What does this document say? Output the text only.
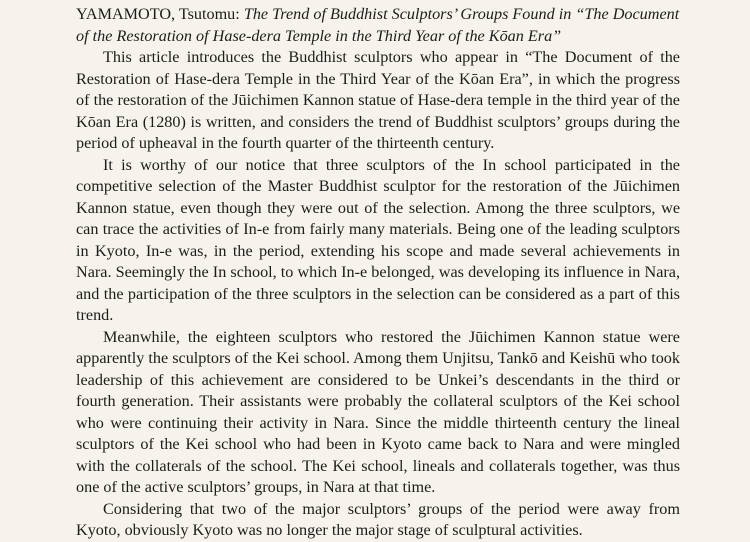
YAMAMOTO, Tsutomu: The Trend of Buddhist Sculptors’ Groups Found in “The Document
of the Restoration of Hase-dera Temple in the Third Year of the Kōan Era”

This article introduces the Buddhist sculptors who appear in “The Document of the Restoration of Hase-dera Temple in the Third Year of the Kōan Era”, in which the progress of the restoration of the Jūichimen Kannon statue of Hase-dera temple in the third year of the Kōan Era (1280) is written, and considers the trend of Buddhist sculptors’ groups during the period of upheaval in the fourth quarter of the thirteenth century.

It is worthy of our notice that three sculptors of the In school participated in the competitive selection of the Master Buddhist sculptor for the restoration of the Jūichimen Kannon statue, even though they were out of the selection. Among the three sculptors, we can trace the activities of In-e from fairly many materials. Being one of the leading sculptors in Kyoto, In-e was, in the period, extending his scope and made several achievements in Nara. Seemingly the In school, to which In-e belonged, was developing its influence in Nara, and the participation of the three sculptors in the selection can be considered as a part of this trend.

Meanwhile, the eighteen sculptors who restored the Jūichimen Kannon statue were apparently the sculptors of the Kei school. Among them Unjitsu, Tankō and Keishū who took leadership of this achievement are considered to be Unkei’s descendants in the third or fourth generation. Their assistants were probably the collateral sculptors of the Kei school who were continuing their activity in Nara. Since the middle thirteenth century the lineal sculptors of the Kei school who had been in Kyoto came back to Nara and were mingled with the collaterals of the school. The Kei school, lineals and collaterals together, was thus one of the active sculptors’ groups, in Nara at that time.

Considering that two of the major sculptors’ groups of the period were away from Kyoto, obviously Kyoto was no longer the major stage of sculptural activities.
